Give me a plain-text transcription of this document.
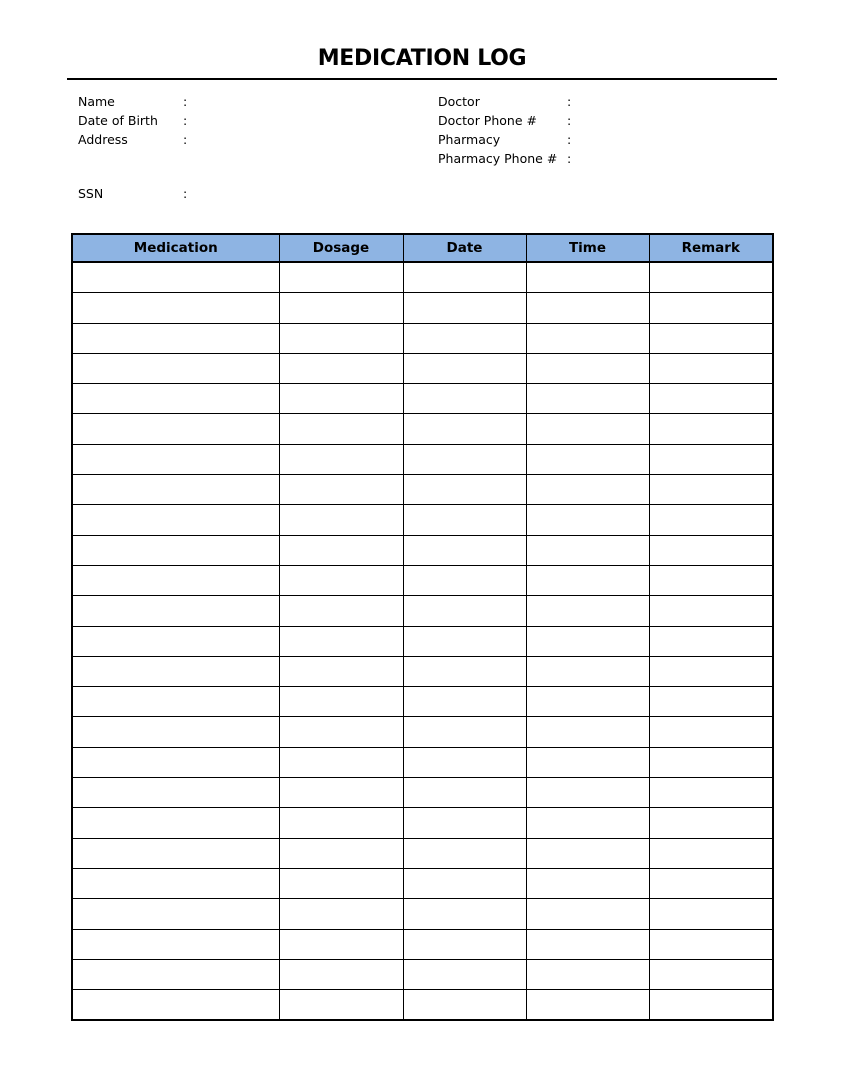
MEDICATION LOG
Name	:
Date of Birth :
Address	:
SSN	:
Doctor	:
Doctor Phone # :
Pharmacy	:
Pharmacy Phone # :
Medication	Dosage	Date	Time	Remark
